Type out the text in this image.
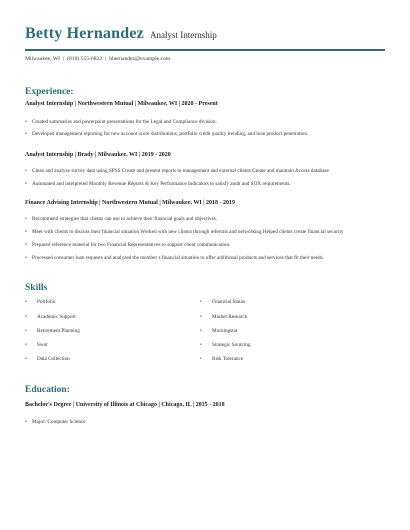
Betty Hernandez Analyst Internship
Milwaukee, WI | (810) 555-6822 | bhernandez@example.com
Experience:
Analyst Internship | Northwestern Mutual | Milwaukee, WI | 2020 - Present
• Created summaries and powerpoint presentations for the Legal and Compliance division.
• Developed management reporting for new account score distributions, portfolio credit quality trending, and loan product penetration.
Analyst Internship | Brady | Milwaukee, WI | 2019 - 2020
• Clean and analyze survey data using SPSS Create and present reports to management and external clients Create and maintain Access database
• Automated and interpreted Monthly Revenue Reports & Key Performance Indicators to satisfy audit and SOX requirements.
Finance Advising Internship | Northwestern Mutual | Milwaukee, WI | 2018 - 2019
• Recommend strategies that clients can use to achieve their financial goals and objectives.
• Meet with clients to discuss their financial situation Worked with new clients through referrals and networking Helped clients create financial security
• Prepared reference material for two Financial Representatives to support client communication.
• Processed consumer loan requests and analyzed the member s financial situation to offer additional products and services that fit their needs.
Skills
• Portfolio
• Academic Support
• Retirement Planning
• Swot
• Data Collection
• Financial Status
• Market Research
• Morningstar
• Strategic Sourcing
• Risk Tolerance
Education:
Bachelor's Degree | University of Illinois at Chicago | Chicago, IL | 2015 - 2018
• Major: Computer Science
